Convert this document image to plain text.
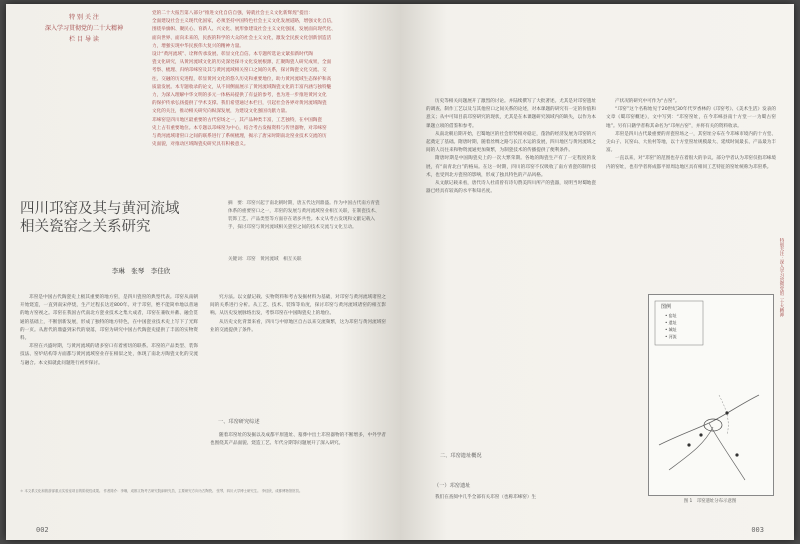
特 别 关 注
深入学习贯彻党的二十大精神
栏 目 导 读

党的二十大报告第八部分“推进文化自信自强，铸就社会主义文化新辉煌”提出：

全面建设社会主义现代化国家，必须坚持中国特色社会主义文化发展道路，增强文化自信，

围绕举旗帜、聚民心、育新人、兴文化、展形象建设社会主义文化强国，发展面向现代化、

面向世界、面向未来的，民族的科学的大众的社会主义文化，激发全民族文化创新创造活

力，增强实现中华民族伟大复兴的精神力量。

设计“黄河流域”、诠释传承发展、彰显文化自信。本专题所选论文紧扣新时代陶

瓷文化研究，从黄河流域文化的历史深处探寻文化发展根源，汇聚陶瓷人研究成果，全面

考察、梳理、归纳邛崃窑及其与黄河流域相关窑口之间的关系，探讨陶瓷文化交流、交

往、交融的历史进程，彰显黄河文化的悠久历史和重要地位，助力黄河流域生态保护和高

质量发展。本专题收录的论文，从不同侧面展示了黄河流域陶瓷文化的丰富内涵与独特魅

力，为深入理解中华文明的多元一体格局提供了有益的参考，也为进一步推进黄河文化

的保护传承弘扬提供了学术支撑。我们希望通过本栏目，引起社会各界对黄河流域陶瓷

文化的关注，推动相关研究向纵深发展，为建设文化强国贡献力量。

邛崃窑是四川地区最重要的古代窑场之一，其产品种类丰富，工艺独特，在中国陶瓷

史上占有重要地位。本专题以邛崃窑为中心，结合考古发掘资料与传世器物，对邛崃窑

与黄河流域诸窑口之间的联系进行了系统梳理，揭示了唐宋时期南北窑业技术交流的历

史面貌，对推动区域陶瓷史研究具有积极意义。

四川邛窑及其与黄河流域
相关瓷窑之关系研究

摘　要：邛窑兴起于南北朝时期，唐五代达到鼎盛。作为中国古代南方青瓷体系的重要窑口之一，邛窑的发展与黄河流域窑业相互关联，在制瓷技术、装饰工艺、产品类型等方面存在诸多共性。本文从考古发现和文献记载入手，探讨邛窑与黄河流域相关瓷窑之间的技术交流与文化互动。

关键词：邛窑　黄河流域　相互关联
李琳　张琴　李佳欣

邛窑是中国古代陶瓷史上极其重要的地方窑，是四川瓷窑的典型代表。邛窑从南朝开始烧造，一直到南宋停烧，生产过程长达近800年。对于邛窑，绝不能简单地以普通的地方窑视之。邛窑在我国古代南北方瓷业技术之集大成者，邛窑在兼收并蓄、融会贯通的基础上，不断创新发展，形成了独特的地方特色，在中国瓷业技术史上写下了光辉的一页。从唐代的鼎盛到宋代的衰落，邛窑为研究中国古代陶瓷史提供了丰富的实物资料。

邛窑在兴盛时期，与黄河流域的诸多窑口有着密切的联系。邛窑的产品类型、装饰技法、窑炉结构等方面都与黄河流域窑业存在相似之处，体现了南北方陶瓷文化的交流与融合。本文拟就此问题进行初步探讨。

究方法。以文献记载、实物资料和考古发掘材料为基础，对邛窑与黄河流域诸窑之间的关系进行分析。从工艺、技术、装饰等角度，探讨邛窑与黄河流域诸窑的相互影响。从历史发展脉络出发，考察邛窑在中国陶瓷史上的地位。

从历史文化背景来看，四川与中原地区自古以来交流频繁，这为邛窑与黄河流域窑业的交流提供了条件。

一、邛窑研究综述

随着邛窑址的发掘以及成都平原遗址、墓葬中出土邛窑器物的不断增多，中外学者也围绕其产品面貌、烧造工艺、年代分期等问题展开了深入研究。

＊ 本文系文化和旅游部重点实验室项目的阶段性成果。 作者简介：李琳，成都文物考古研究院副研究员，主要研究方向为古陶瓷。 张琴，四川大学博士研究生。 李佳欣，成都博物馆馆员。

002

历史等相关问题展开了激烈的讨论。并陆续撰写了大批著述。尤其是对邛窑遗址的调查、制作工艺以及与其他窑口之间关系的论述，对本课题的研究有一定的价值和意义；从中可知目前邛窑研究的现状，尤其是在本课题研究领域内的缺失，以作为本课题立项的借鉴和参考。

从南北朝后期开始，巴蜀地区的社会形势相对稳定，蓬勃的经济发展为邛窑的兴起奠定了基础。隋唐时期，随着丝绸之路与长江水运的发展，四川地区与黄河流域之间的人员往来和物资流通更加频繁，为制瓷技术的传播提供了便利条件。

隋唐时期是中国陶瓷史上的一次大繁荣期。各地的陶瓷生产有了一定程度的发展，有“南青北白”的格局。在这一时期，四川的邛窑不仅吸收了南方青瓷的制作技术，也受到北方瓷窑的影响，形成了独具特色的产品风格。

从文献记载来看，唐代诗人杜甫曾有诗句赞美四川所产的瓷器，说明当时蜀地瓷器已经具有较高的水平和知名度。

二、邛窑遗址概况
（一）邛窑遗址

我们在查阅中几乎全部有关邛窑（也称邛崃窑）生

产状况的研究中可作为“古窑”。

“邛窑”这个名称始见于20世纪30年代罗香林的《邛窑考》、《美术生活》发表的文章《蜀邛窑概述》，文中写到：“邛窑窑址，在今邛崃县南十方堂一一为蜀古窑地”。另有日籍学者称其命名为“邛州古窑”，并将有关的资料收录。

邛窑是四川古代最重要的青瓷窑场之一，其窑址分布在今邛崃市境内的十方堂、尖山子、瓦窑山、大鱼村等地，以十方堂窑址规模最大、延续时间最长、产品最为丰富。

一直以来，对“邛窑”的范围也存在着很大的争议。部分学者认为邛窑仅指邛崃境内的窑址，也有学者将成都平原周边地区具有相同工艺特征的窑址统称为邛窑系。

图例
• 窑址
• 遗址
• 城址
• 河流
图 1　邛窑遗址分布示意图
特别关注 · 深入学习贯彻党的二十大精神
003
